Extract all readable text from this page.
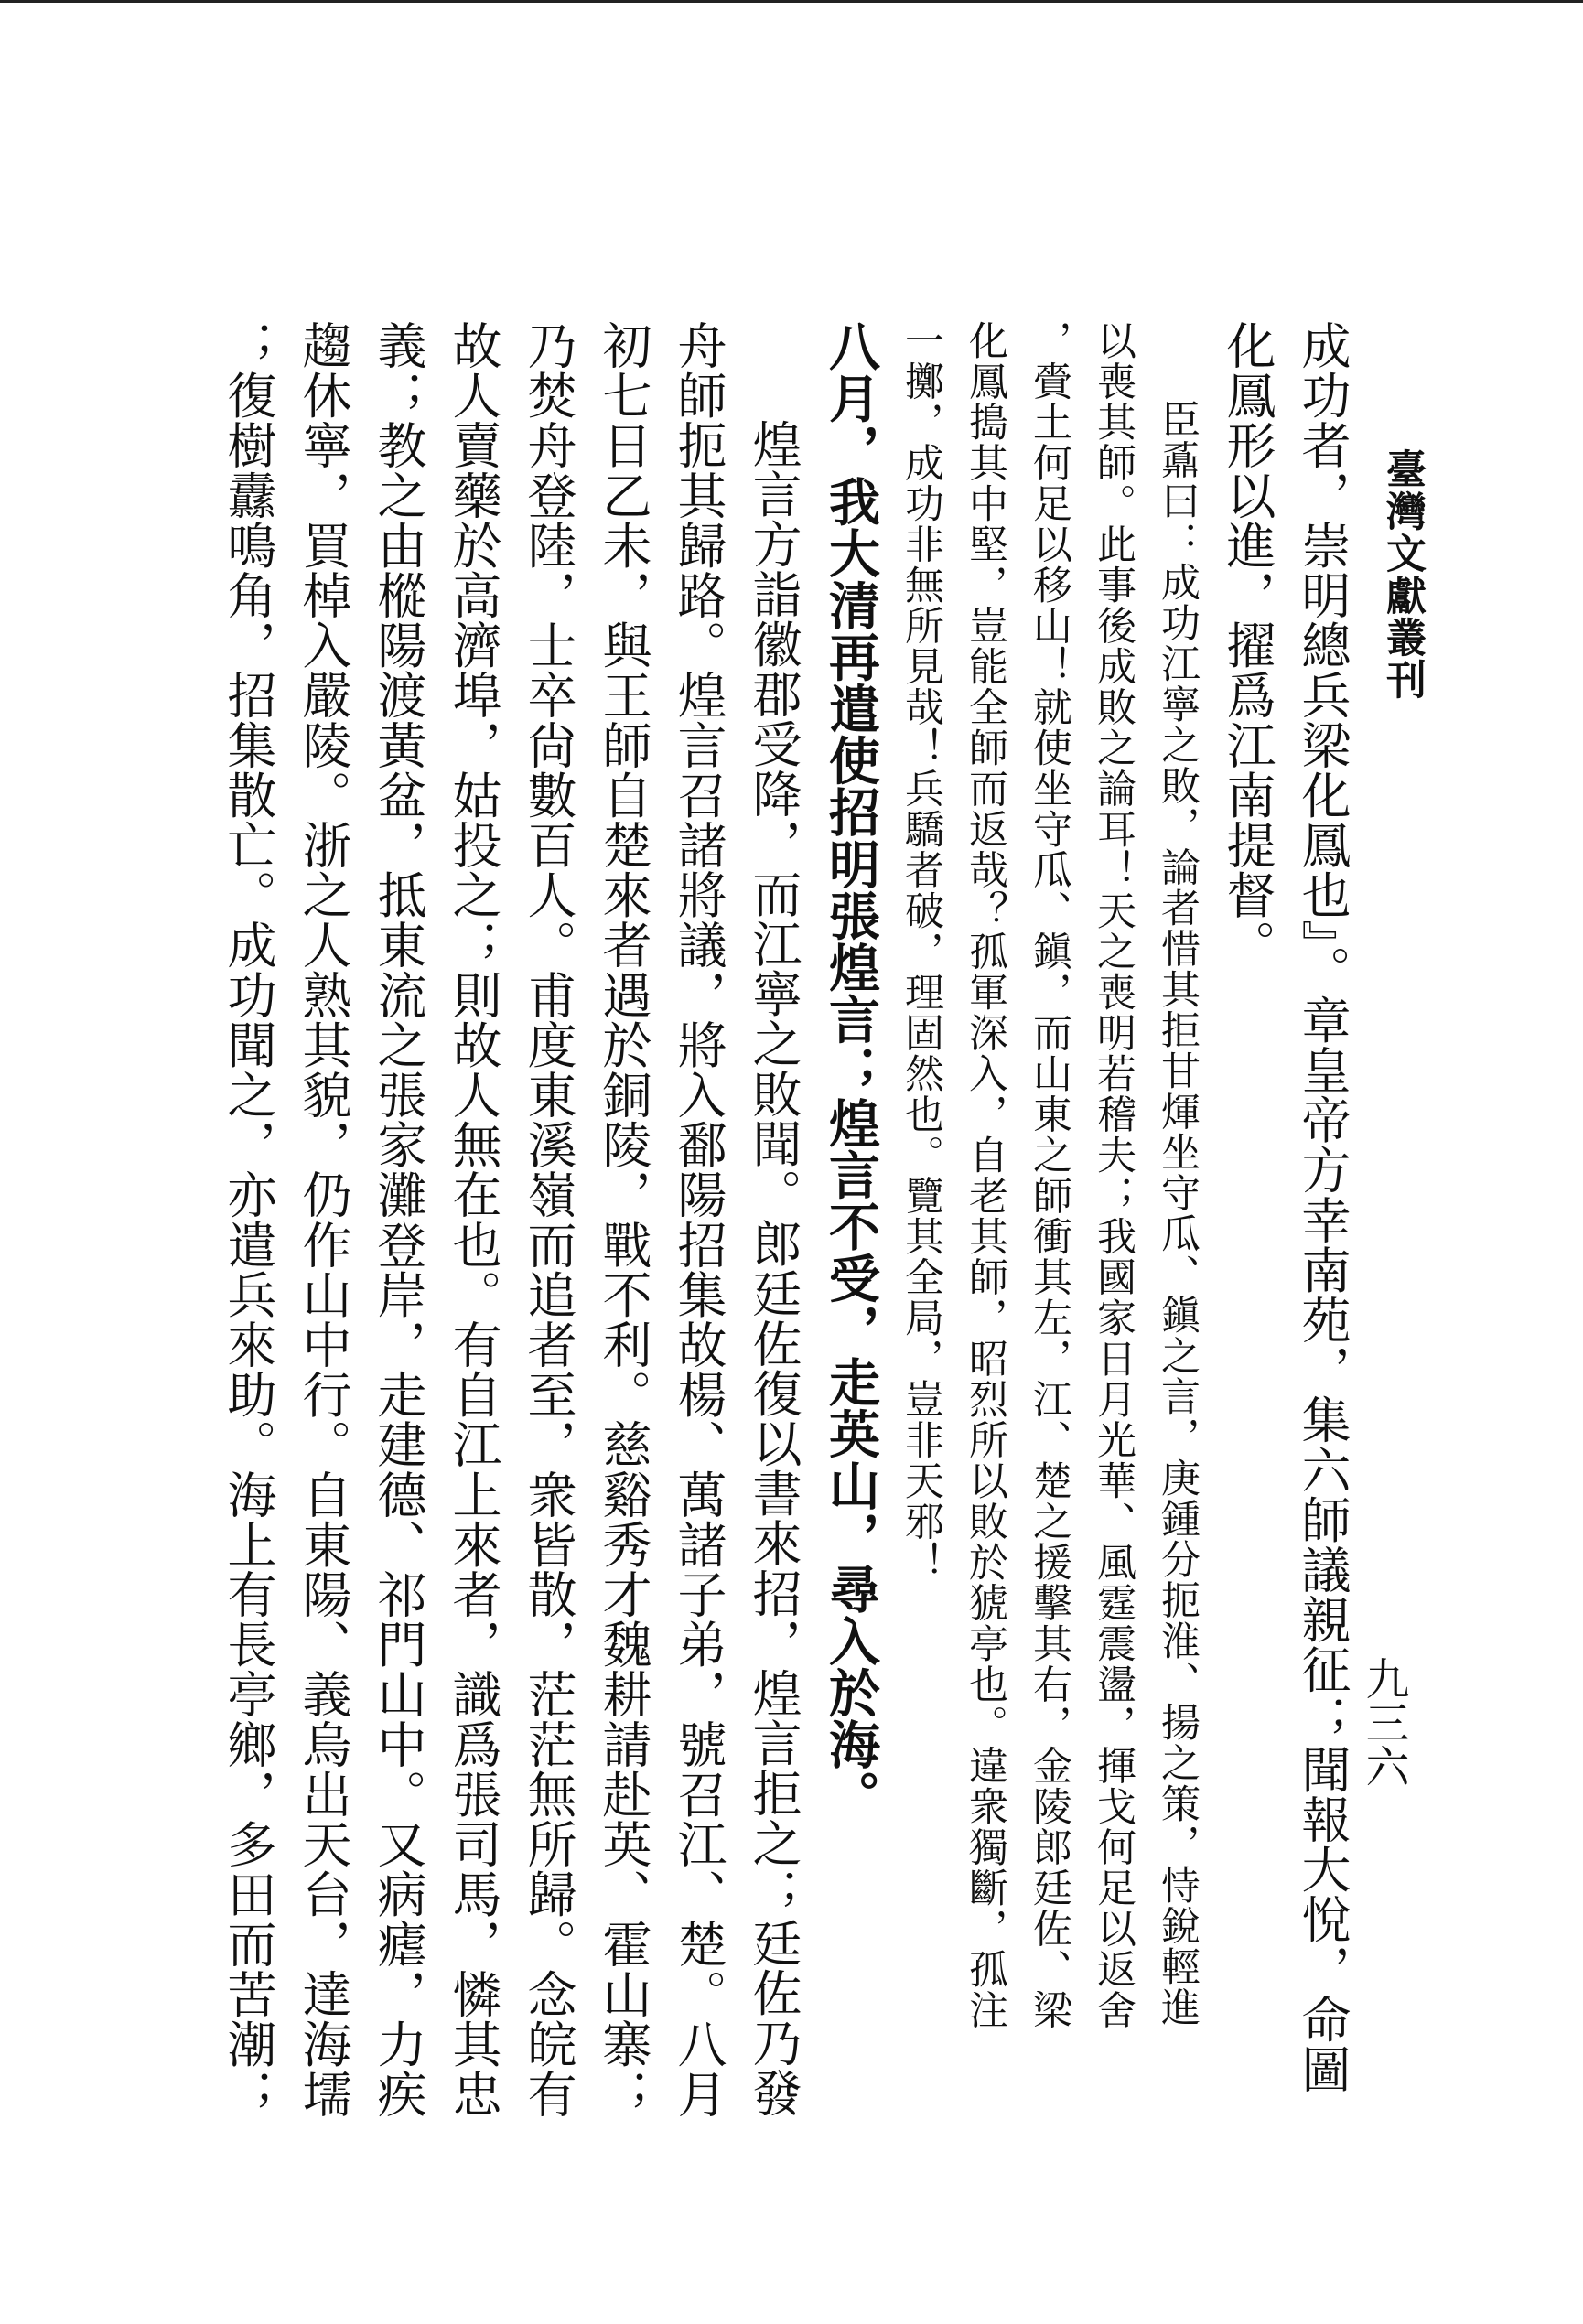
臺灣文獻叢刊
九三六
成功者，崇明總兵梁化鳳也』。章皇帝方幸南苑，集六師議親征；聞報大悅，命圖
化鳳形以進，擢爲江南提督。
臣鼒曰：成功江寧之敗，論者惜其拒甘煇坐守瓜、鎭之言，庚鍾分扼淮、揚之策，恃銳輕進
以喪其師。此事後成敗之論耳！天之喪明若稽夫；我國家日月光華、風霆震盪，揮戈何足以返舍
，賫土何足以移山！就使坐守瓜、鎭，而山東之師衝其左，江、楚之援擊其右，金陵郎廷佐、梁
化鳳搗其中堅，豈能全師而返哉？孤軍深入，自老其師，昭烈所以敗於猇亭也。違衆獨斷，孤注
一擲，成功非無所見哉！兵驕者破，理固然也。覽其全局，豈非天邪！
八月，我大清再遣使招明張煌言；煌言不受，走英山，尋入於海。
煌言方詣徽郡受降，而江寧之敗聞。郎廷佐復以書來招，煌言拒之；廷佐乃發
舟師扼其歸路。煌言召諸將議，將入鄱陽招集故楊、萬諸子弟，號召江、楚。八月
初七日乙未，與王師自楚來者遇於銅陵，戰不利。慈谿秀才魏耕請赴英、霍山寨；
乃焚舟登陸，士卒尙數百人。甫度東溪嶺而追者至，衆皆散，茫茫無所歸。念皖有
故人賣藥於高濟埠，姑投之；則故人無在也。有自江上來者，識爲張司馬，憐其忠
義；教之由樅陽渡黃盆，抵東流之張家灘登岸，走建德、祁門山中。又病瘧，力疾
趨休寧，買棹入嚴陵。浙之人熟其貌，仍作山中行。自東陽、義烏出天台，達海壖
；復樹纛鳴角，招集散亡。成功聞之，亦遣兵來助。海上有長亭鄉，多田而苦潮；
